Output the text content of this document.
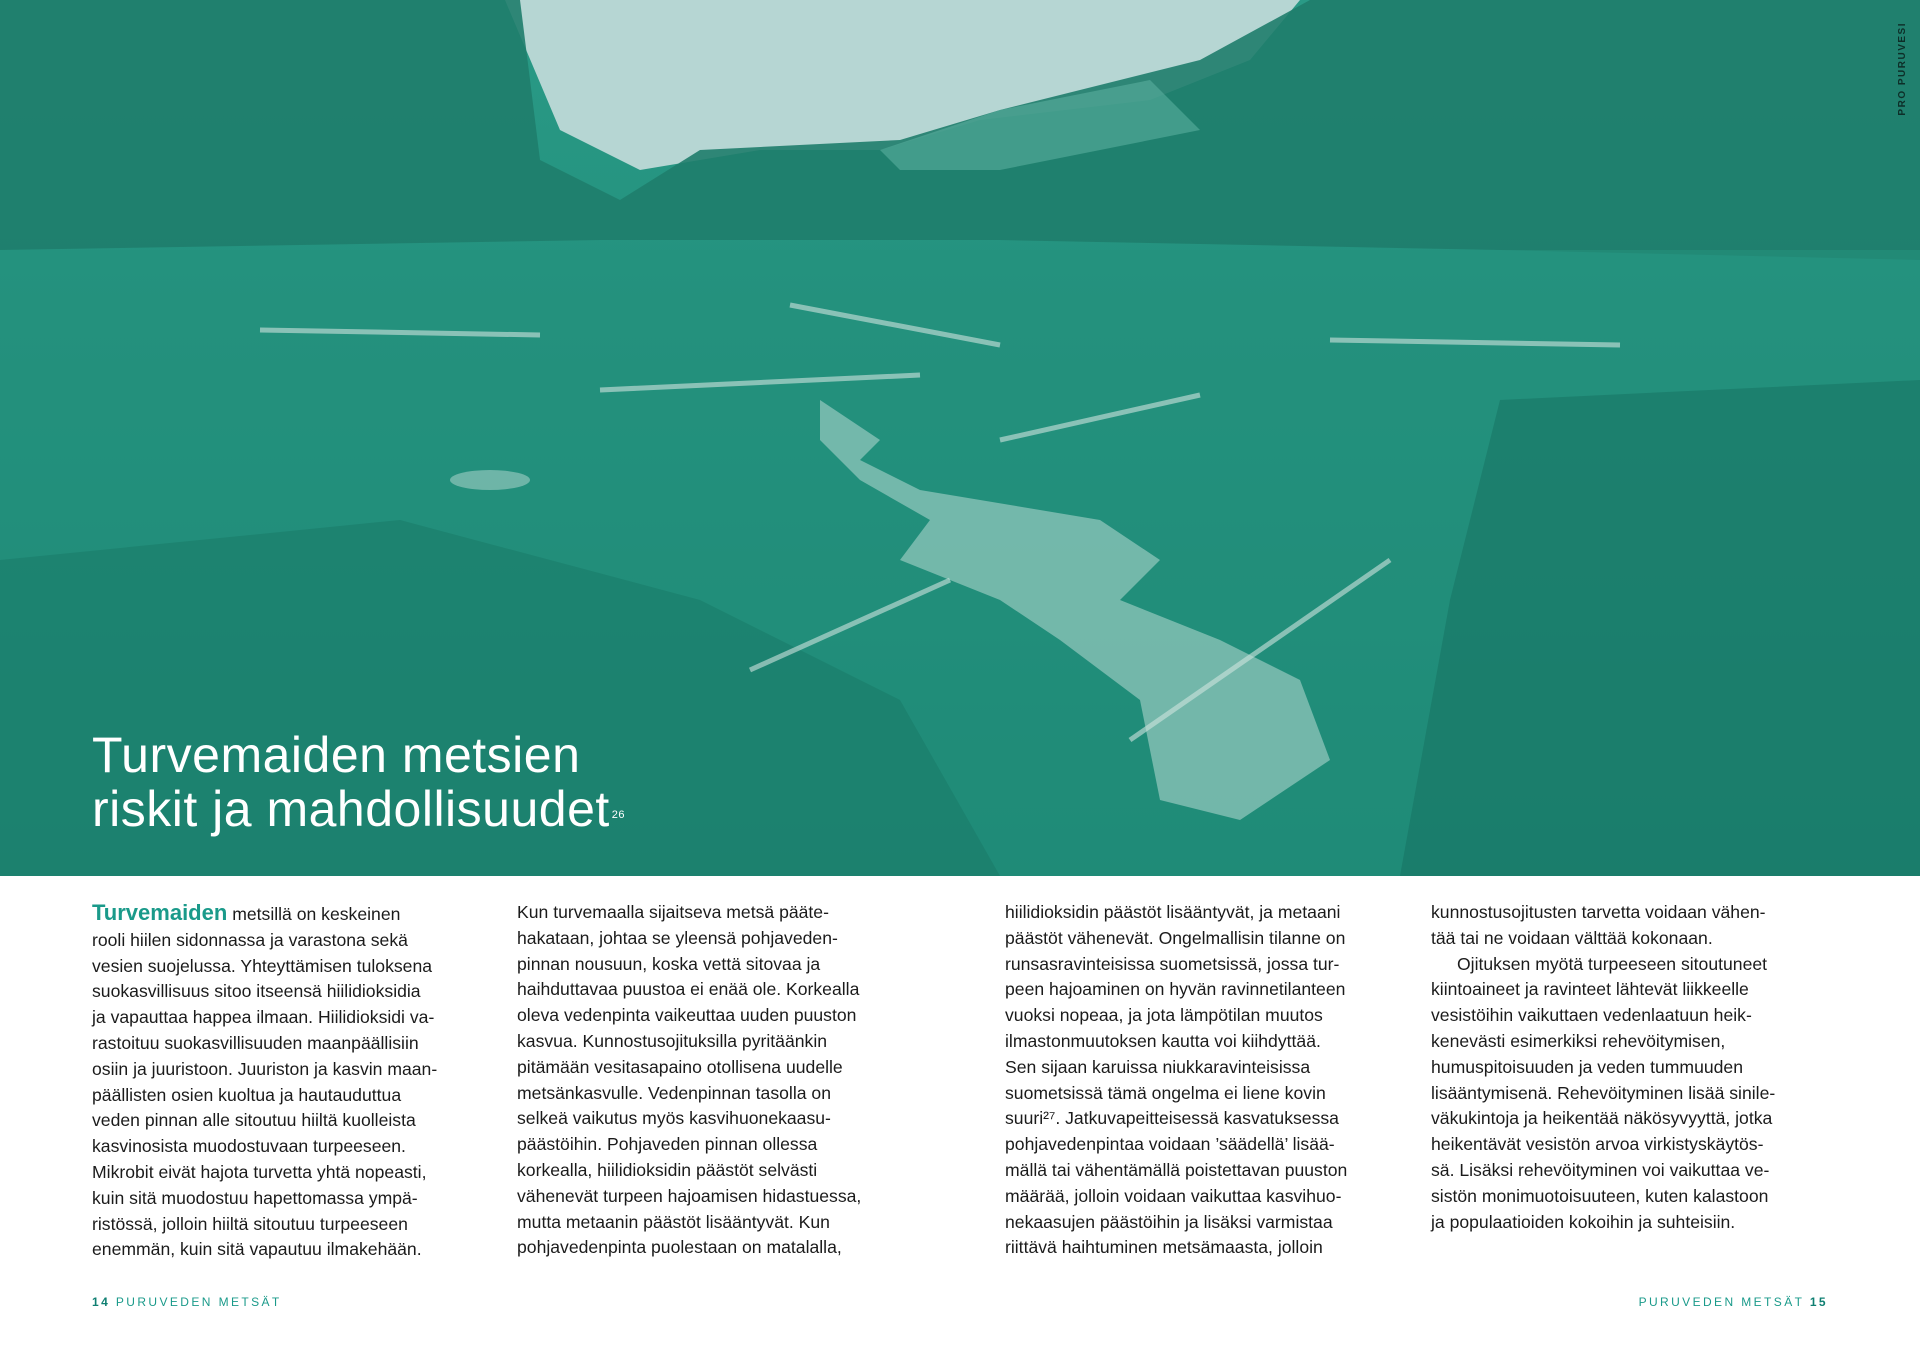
PRO PURUVESI
Turvemaiden metsien
riskit ja mahdollisuudet $^{26}$
Turvemaiden metsillä on keskeinen
rooli hiilen sidonnassa ja varastona sekä
vesien suojelussa. Yhteyttämisen tuloksena
suokasvillisuus sitoo itseensä hiilidioksidia
ja vapauttaa happea ilmaan. Hiilidioksidi va-
rastoituu suokasvillisuuden maanpäällisiin
osiin ja juuristoon. Juuriston ja kasvin maan-
päällisten osien kuoltua ja hautauduttua
veden pinnan alle sitoutuu hiiltä kuolleista
kasvinosista muodostuvaan turpeeseen.
Mikrobit eivät hajota turvetta yhtä nopeasti,
kuin sitä muodostuu hapettomassa ympä-
ristössä, jolloin hiiltä sitoutuu turpeeseen
enemmän, kuin sitä vapautuu ilmakehään.
Kun turvemaalla sijaitseva metsä pääte-
hakataan, johtaa se yleensä pohjaveden-
pinnan nousuun, koska vettä sitovaa ja
haihduttavaa puustoa ei enää ole. Korkealla
oleva vedenpinta vaikeuttaa uuden puuston
kasvua. Kunnostusojituksilla pyritäänkin
pitämään vesitasapaino otollisena uudelle
metsänkasvulle. Vedenpinnan tasolla on
selkeä vaikutus myös kasvihuonekaasu-
päästöihin. Pohjaveden pinnan ollessa
korkealla, hiilidioksidin päästöt selvästi
vähenevät turpeen hajoamisen hidastuessa,
mutta metaanin päästöt lisääntyvät. Kun
pohjavedenpinta puolestaan on matalalla,
hiilidioksidin päästöt lisääntyvät, ja metaani
päästöt vähenevät. Ongelmallisin tilanne on
runsasravinteisissa suometsissä, jossa tur-
peen hajoaminen on hyvän ravinnetilanteen
vuoksi nopeaa, ja jota lämpötilan muutos
ilmastonmuutoksen kautta voi kiihdyttää.
Sen sijaan karuissa niukkaravinteisissa
suometsissä tämä ongelma ei liene kovin
suuri²⁷. Jatkuvapeitteisessä kasvatuksessa
pohjavedenpintaa voidaan ’säädellä’ lisää-
mällä tai vähentämällä poistettavan puuston
määrää, jolloin voidaan vaikuttaa kasvihuo-
nekaasujen päästöihin ja lisäksi varmistaa
riittävä haihtuminen metsämaasta, jolloin
kunnostusojitusten tarvetta voidaan vähen-
tää tai ne voidaan välttää kokonaan.
Ojituksen myötä turpeeseen sitoutuneet
kiintoaineet ja ravinteet lähtevät liikkeelle
vesistöihin vaikuttaen vedenlaatuun heik-
kenevästi esimerkiksi rehevöitymisen,
humuspitoisuuden ja veden tummuuden
lisääntymisenä. Rehevöityminen lisää sinile-
väkukintoja ja heikentää näkösyvyyttä, jotka
heikentävät vesistön arvoa virkistyskäytös-
sä. Lisäksi rehevöityminen voi vaikuttaa ve-
sistön monimuotoisuuteen, kuten kalastoon
ja populaatioiden kokoihin ja suhteisiin.
14 PURUVEDEN METSÄT	PURUVEDEN METSÄT 15
